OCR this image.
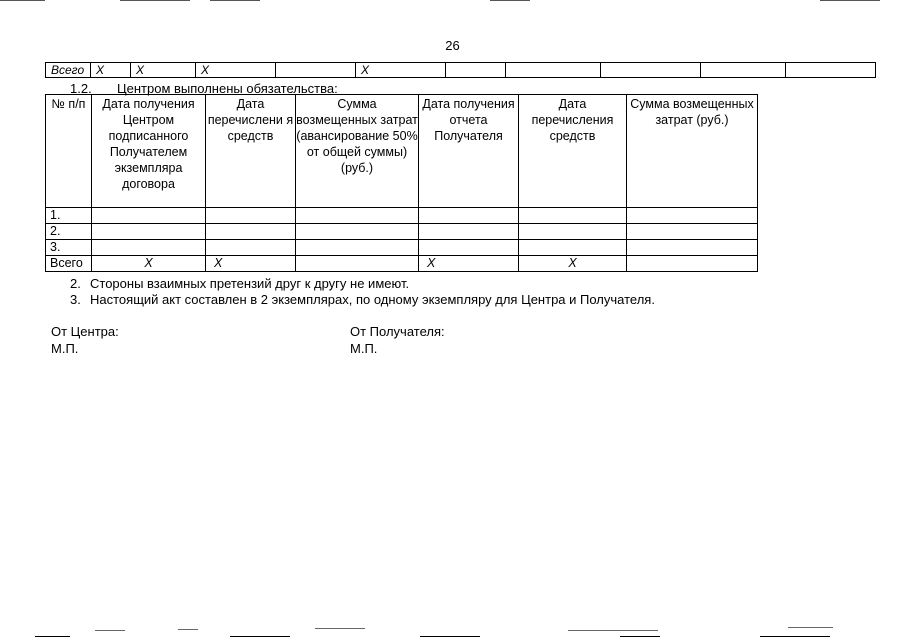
26
Всего	X	X	X		X					
1.2. Центром выполнены обязательства:
№ п/п	Дата получения Центром подписанного Получателем экземпляра договора	Дата перечислени я средств	Сумма возмещенных затрат (авансирование 50% от общей суммы) (руб.)	Дата получения отчета Получателя	Дата перечисления средств	Сумма возмещенных затрат (руб.)
1.						
2.						
3.						
Всего	X	X		X	X	
2. Стороны взаимных претензий друг к другу не имеют.
3. Настоящий акт составлен в 2 экземплярах, по одному экземпляру для Центра и Получателя.
От Центра:
М.П.
От Получателя:
М.П.
